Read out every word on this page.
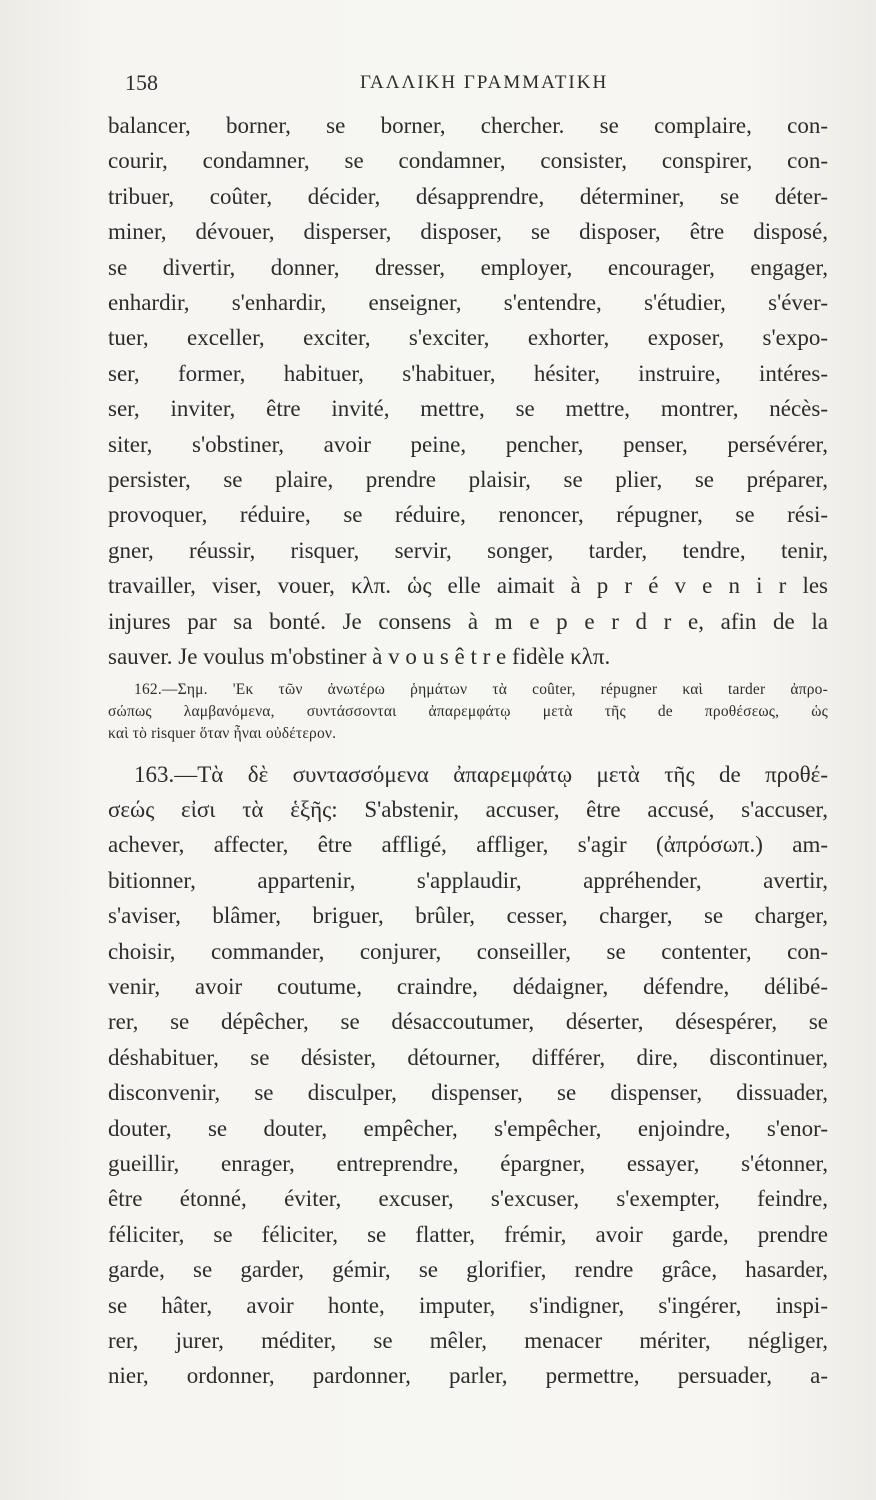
158	ΓΑΛΛΙΚΗ ΓΡΑΜΜΑΤΙΚΗ
balancer, borner, se borner, chercher. se complaire, con-
courir, condamner, se condamner, consister, conspirer, con-
tribuer, coûter, décider, désapprendre, déterminer, se déter-
miner, dévouer, disperser, disposer, se disposer, être disposé,
se divertir, donner, dresser, employer, encourager, engager,
enhardir, s'enhardir, enseigner, s'entendre, s'étudier, s'éver-
tuer, exceller, exciter, s'exciter, exhorter, exposer, s'expo-
ser, former, habituer, s'habituer, hésiter, instruire, intéres-
ser, inviter, être invité, mettre, se mettre, montrer, nécès-
siter, s'obstiner, avoir peine, pencher, penser, persévérer,
persister, se plaire, prendre plaisir, se plier, se préparer,
provoquer, réduire, se réduire, renoncer, répugner, se rési-
gner, réussir, risquer, servir, songer, tarder, tendre, tenir,
travailler, viser, vouer, κλπ. ὡς elle aimait à p r é v e n i r les
injures par sa bonté. Je consens à m e p e r d r e, afin de la
sauver. Je voulus m'obstiner à v o u s ê t r e fidèle κλπ.
162.—Σημ. 'Εκ τῶν ἀνωτέρω ῥημάτων τὰ coûter, répugner καὶ tarder ἀπρο-
σώπως λαμβανόμενα, συντάσσονται ἀπαρεμφάτῳ μετὰ τῆς de προθέσεως, ὡς
καὶ τὸ risquer ὅταν ἦναι οὐδέτερον.
163.—Τὰ δὲ συντασσόμενα ἀπαρεμφάτῳ μετὰ τῆς de προθέ-
σεώς εἰσι τὰ ἑξῆς: S'abstenir, accuser, être accusé, s'accuser,
achever, affecter, être affligé, affliger, s'agir (ἀπρόσωπ.) am-
bitionner, appartenir, s'applaudir, appréhender, avertir,
s'aviser, blâmer, briguer, brûler, cesser, charger, se charger,
choisir, commander, conjurer, conseiller, se contenter, con-
venir, avoir coutume, craindre, dédaigner, défendre, délibé-
rer, se dépêcher, se désaccoutumer, déserter, désespérer, se
déshabituer, se désister, détourner, différer, dire, discontinuer,
disconvenir, se disculper, dispenser, se dispenser, dissuader,
douter, se douter, empêcher, s'empêcher, enjoindre, s'enor-
gueillir, enrager, entreprendre, épargner, essayer, s'étonner,
être étonné, éviter, excuser, s'excuser, s'exempter, feindre,
féliciter, se féliciter, se flatter, frémir, avoir garde, prendre
garde, se garder, gémir, se glorifier, rendre grâce, hasarder,
se hâter, avoir honte, imputer, s'indigner, s'ingérer, inspi-
rer, jurer, méditer, se mêler, menacer mériter, négliger,
nier, ordonner, pardonner, parler, permettre, persuader, a-
